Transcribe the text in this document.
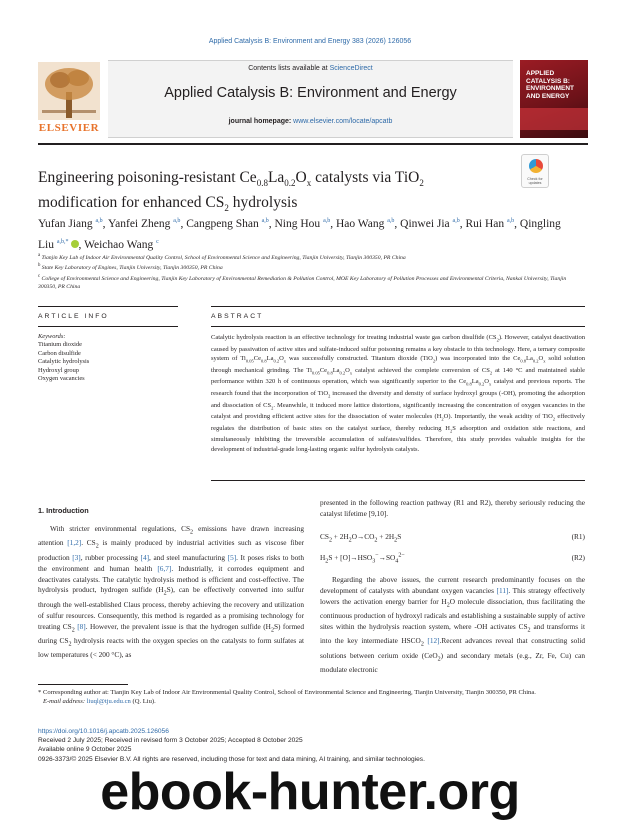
Applied Catalysis B: Environment and Energy 383 (2026) 126056
ELSEVIER
Contents lists available at ScienceDirect
Applied Catalysis B: Environment and Energy
journal homepage: www.elsevier.com/locate/apcatb
APPLIED CATALYSIS B: ENVIRONMENT AND ENERGY
Engineering poisoning-resistant $Ce_{0.8}La_{0.2}O_x$ catalysts via TiO$_2$ modification for enhanced $CS_2$ hydrolysis
Check for updates
Yufan Jiang $^{a,b}$, Yanfei Zheng $^{a,b}$, Cangpeng Shan $^{a,b}$, Ning Hou $^{a,b}$, Hao Wang $^{a,b}$, Qinwei Jia $^{a,b}$, Rui Han $^{a,b}$, Qingling Liu $^{a,b,*}$ , Weichao Wang $^c$
$^a$ Tianjin Key Lab of Indoor Air Environmental Quality Control, School of Environmental Science and Engineering, Tianjin University, Tianjin 300350, PR China
$^b$ State Key Laboratory of Engines, Tianjin University, Tianjin 300350, PR China
$^c$ College of Environmental Science and Engineering, Tianjin Key Laboratory of Environmental Remediation & Pollution Control, MOE Key Laboratory of Pollution Processes and Environmental Criteria, Nankai University, Tianjin 300350, PR China
ARTICLE INFO	ABSTRACT
Keywords:
Titanium dioxide
Carbon disulfide
Catalytic hydrolysis
Hydroxyl group
Oxygen vacancies
Catalytic hydrolysis reaction is an effective technology for treating industrial waste gas carbon disulfide $(CS_2)$. However, catalyst deactivation caused by passivation of active sites and sulfate-induced sulfur poisoning remains a key obstacle to this technology. Here, a ternary composite system of $Ti_{0.05}Ce_{0.8}La_{0.2}O_x$ was successfully constructed. Titanium dioxide (TiO$_2$) was incorporated into the $Ce_{0.8}La_{0.2}O_x$ solid solution through mechanical grinding. The $Ti_{0.05}Ce_{0.8}La_{0.2}O_x$ catalyst achieved the complete conversion of $CS_2$ at 140 °C and maintained stable performance within 320 h of continuous operation, which was significantly superior to the $Ce_{0.8}La_{0.2}O_x$ catalyst and previous reports. The research found that the incorporation of TiO$_2$ increased the diversity and density of surface hydroxyl groups (-OH), promoting the adsorption and dissociation of $CS_2$. Meanwhile, it induced more lattice distortions, significantly increasing the concentration of oxygen vacancies in the catalyst and providing efficient active sites for the dissociation of water molecules $(H_2O)$. Importantly, the weak acidity of TiO$_2$ effectively regulates the distribution of basic sites on the catalyst surface, thereby reducing $H_2S$ adsorption and oxidation side reactions, and simultaneously inhibiting the irreversible accumulation of sulfates/sulfides. Therefore, this study provides valuable insights for the development of industrial-grade long-lasting organic sulfur hydrolysis catalysts.
1. Introduction
With stricter environmental regulations, $CS_2$ emissions have drawn increasing attention [1,2]. $CS_2$ is mainly produced by industrial activities such as viscose fiber production [3], rubber processing [4], and steel manufacturing [5]. It poses risks to both the environment and human health [6,7]. Industrially, it corrodes equipment and deactivates catalysts. The catalytic hydrolysis method is efficient and cost-effective. The hydrolysis product, hydrogen sulfide $(H_2S)$, can be effectively converted into sulfur through the well-established Claus process, thereby achieving the recovery and utilization of sulfur resources. Consequently, this method is regarded as a promising technology for treating $CS_2$ [8]. However, the prevalent issue is that the hydrogen sulfide $(H_2S)$ formed during $CS_2$ hydrolysis reacts with the oxygen species on the catalysts to form sulfates at low temperatures (< 200 °C), as
presented in the following reaction pathway (R1 and R2), thereby seriously reducing the catalyst lifetime [9,10].
$CS_2 + 2H_2O\to CO_2 + 2H_2S$	(R1)
$H_2S + [O]\to HSO_3^-\to SO_4^{2-}$	(R2)
Regarding the above issues, the current research predominantly focuses on the development of catalysts with abundant oxygen vacancies [11]. This strategy effectively lowers the activation energy barrier for $H_2O$ molecule dissociation, thus facilitating the continuous production of hydroxyl radicals and establishing a sustainable supply of active sites within the hydrolysis reaction system, where -OH activates $CS_2$ and transforms it into the key intermediate $HSCO_2$ [12].Recent advances reveal that constructing solid solutions between cerium oxide (CeO$_2$) and secondary metals (e.g., Zr, Fe, Cu) can modulate electronic
* Corresponding author at: Tianjin Key Lab of Indoor Air Environmental Quality Control, School of Environmental Science and Engineering, Tianjin University, Tianjin 300350, PR China.
E-mail address: liuql@tju.edu.cn (Q. Liu).
https://doi.org/10.1016/j.apcatb.2025.126056
Received 2 July 2025; Received in revised form 3 October 2025; Accepted 8 October 2025
Available online 9 October 2025
0926-3373/© 2025 Elsevier B.V. All rights are reserved, including those for text and data mining, AI training, and similar technologies.
ebook-hunter.org
